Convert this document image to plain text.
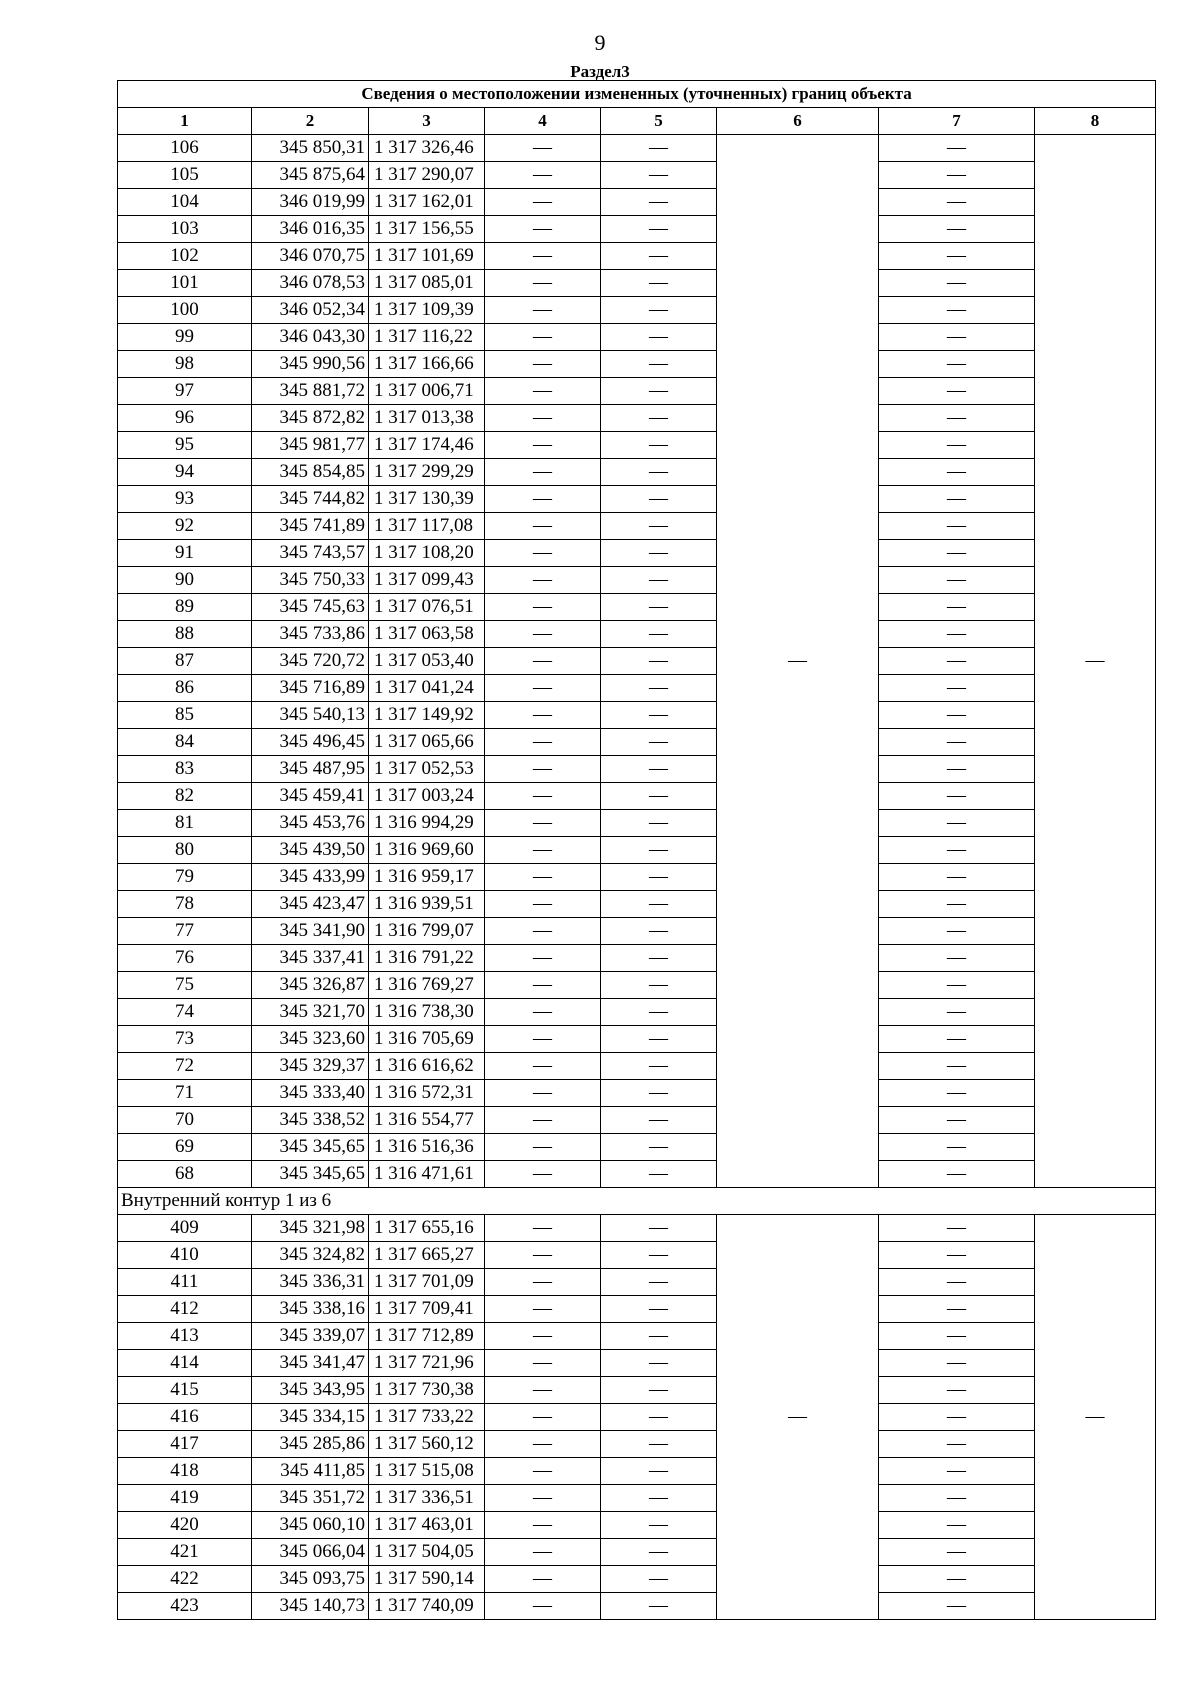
9
Раздел3
Сведения о местоположении измененных (уточненных) границ объекта							
1	2	3	4	5	6	7	8
106	345 850,31	1 317 326,46	—	—	—	—	—
105	345 875,64	1 317 290,07	—	—		—	
104	346 019,99	1 317 162,01	—	—		—	
103	346 016,35	1 317 156,55	—	—		—	
102	346 070,75	1 317 101,69	—	—		—	
101	346 078,53	1 317 085,01	—	—		—	
100	346 052,34	1 317 109,39	—	—		—	
99	346 043,30	1 317 116,22	—	—		—	
98	345 990,56	1 317 166,66	—	—		—	
97	345 881,72	1 317 006,71	—	—		—	
96	345 872,82	1 317 013,38	—	—		—	
95	345 981,77	1 317 174,46	—	—		—	
94	345 854,85	1 317 299,29	—	—		—	
93	345 744,82	1 317 130,39	—	—		—	
92	345 741,89	1 317 117,08	—	—		—	
91	345 743,57	1 317 108,20	—	—		—	
90	345 750,33	1 317 099,43	—	—		—	
89	345 745,63	1 317 076,51	—	—		—	
88	345 733,86	1 317 063,58	—	—		—	
87	345 720,72	1 317 053,40	—	—		—	
86	345 716,89	1 317 041,24	—	—		—	
85	345 540,13	1 317 149,92	—	—		—	
84	345 496,45	1 317 065,66	—	—		—	
83	345 487,95	1 317 052,53	—	—		—	
82	345 459,41	1 317 003,24	—	—		—	
81	345 453,76	1 316 994,29	—	—		—	
80	345 439,50	1 316 969,60	—	—		—	
79	345 433,99	1 316 959,17	—	—		—	
78	345 423,47	1 316 939,51	—	—		—	
77	345 341,90	1 316 799,07	—	—		—	
76	345 337,41	1 316 791,22	—	—		—	
75	345 326,87	1 316 769,27	—	—		—	
74	345 321,70	1 316 738,30	—	—		—	
73	345 323,60	1 316 705,69	—	—		—	
72	345 329,37	1 316 616,62	—	—		—	
71	345 333,40	1 316 572,31	—	—		—	
70	345 338,52	1 316 554,77	—	—		—	
69	345 345,65	1 316 516,36	—	—		—	
68	345 345,65	1 316 471,61	—	—		—	
Внутренний контур 1 из 6							
409	345 321,98	1 317 655,16	—	—	—	—	—
410	345 324,82	1 317 665,27	—	—		—	
411	345 336,31	1 317 701,09	—	—		—	
412	345 338,16	1 317 709,41	—	—		—	
413	345 339,07	1 317 712,89	—	—		—	
414	345 341,47	1 317 721,96	—	—		—	
415	345 343,95	1 317 730,38	—	—		—	
416	345 334,15	1 317 733,22	—	—		—	
417	345 285,86	1 317 560,12	—	—		—	
418	345 411,85	1 317 515,08	—	—		—	
419	345 351,72	1 317 336,51	—	—		—	
420	345 060,10	1 317 463,01	—	—		—	
421	345 066,04	1 317 504,05	—	—		—	
422	345 093,75	1 317 590,14	—	—		—	
423	345 140,73	1 317 740,09	—	—		—	
